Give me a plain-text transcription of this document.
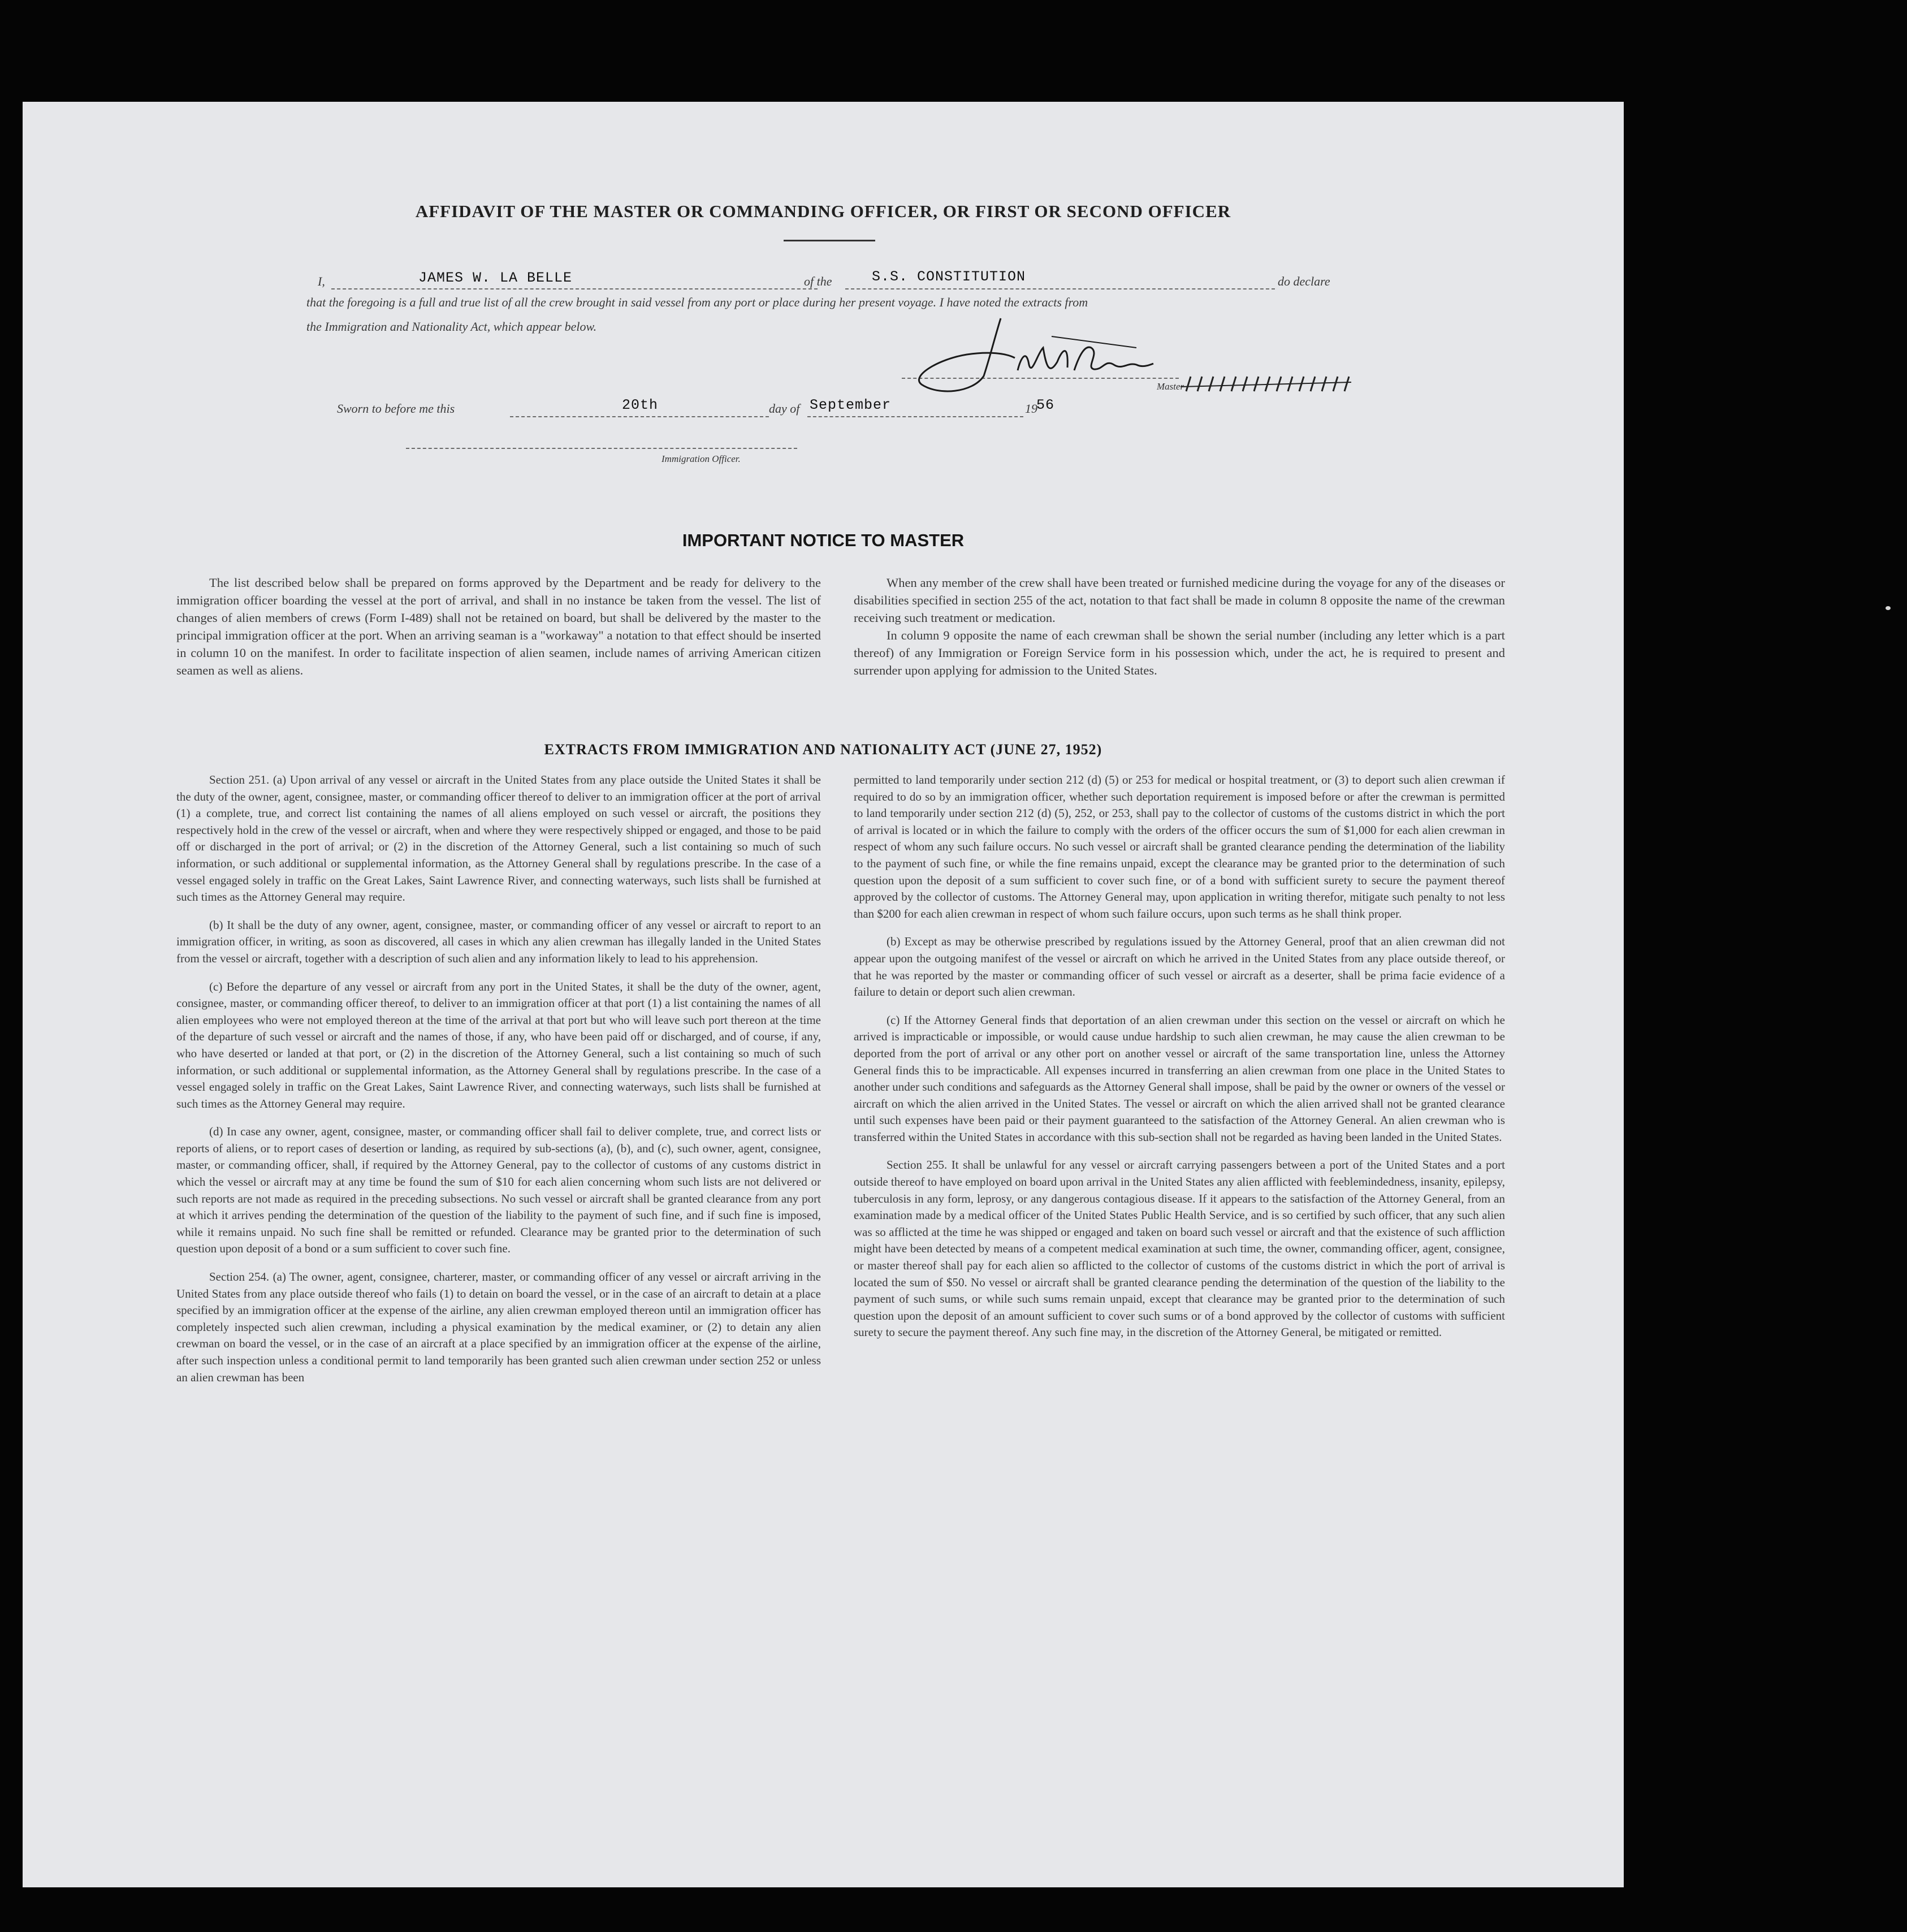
AFFIDAVIT OF THE MASTER OR COMMANDING OFFICER, OR FIRST OR SECOND OFFICER
I,	JAMES W. LA BELLE	of the	S.S. CONSTITUTION	do declare
that the foregoing is a full and true list of all the crew brought in said vessel from any port or place during her present voyage. I have noted the extracts from
the Immigration and Nationality Act, which appear below.
Master
Sworn to before me this	20th	day of September	19
56
Immigration Officer.
IMPORTANT NOTICE TO MASTER

The list described below shall be prepared on forms approved by the Department and be ready for delivery to the immigration officer boarding the vessel at the port of arrival, and shall in no instance be taken from the vessel. The list of changes of alien members of crews (Form I-489) shall not be retained on board, but shall be delivered by the master to the principal immigration officer at the port. When an arriving seaman is a "workaway" a notation to that effect should be inserted in column 10 on the manifest. In order to facilitate inspection of alien seamen, include names of arriving American citizen seamen as well as aliens.

When any member of the crew shall have been treated or furnished medicine during the voyage for any of the diseases or disabilities specified in section 255 of the act, notation to that fact shall be made in column 8 opposite the name of the crewman receiving such treatment or medication.

In column 9 opposite the name of each crewman shall be shown the serial number (including any letter which is a part thereof) of any Immigration or Foreign Service form in his possession which, under the act, he is required to present and surrender upon applying for admission to the United States.

EXTRACTS FROM IMMIGRATION AND NATIONALITY ACT (JUNE 27, 1952)

Section 251. (a) Upon arrival of any vessel or aircraft in the United States from any place outside the United States it shall be the duty of the owner, agent, consignee, master, or commanding officer thereof to deliver to an immigration officer at the port of arrival (1) a complete, true, and correct list containing the names of all aliens employed on such vessel or aircraft, the positions they respectively hold in the crew of the vessel or aircraft, when and where they were respectively shipped or engaged, and those to be paid off or discharged in the port of arrival; or (2) in the discretion of the Attorney General, such a list containing so much of such information, or such additional or supplemental information, as the Attorney General shall by regulations prescribe. In the case of a vessel engaged solely in traffic on the Great Lakes, Saint Lawrence River, and connecting waterways, such lists shall be furnished at such times as the Attorney General may require.

(b) It shall be the duty of any owner, agent, consignee, master, or commanding officer of any vessel or aircraft to report to an immigration officer, in writing, as soon as discovered, all cases in which any alien crewman has illegally landed in the United States from the vessel or aircraft, together with a description of such alien and any information likely to lead to his apprehension.

(c) Before the departure of any vessel or aircraft from any port in the United States, it shall be the duty of the owner, agent, consignee, master, or commanding officer thereof, to deliver to an immigration officer at that port (1) a list containing the names of all alien employees who were not employed thereon at the time of the arrival at that port but who will leave such port thereon at the time of the departure of such vessel or aircraft and the names of those, if any, who have been paid off or discharged, and of course, if any, who have deserted or landed at that port, or (2) in the discretion of the Attorney General, such a list containing so much of such information, or such additional or supplemental information, as the Attorney General shall by regulations prescribe. In the case of a vessel engaged solely in traffic on the Great Lakes, Saint Lawrence River, and connecting waterways, such lists shall be furnished at such times as the Attorney General may require.

(d) In case any owner, agent, consignee, master, or commanding officer shall fail to deliver complete, true, and correct lists or reports of aliens, or to report cases of desertion or landing, as required by sub-sections (a), (b), and (c), such owner, agent, consignee, master, or commanding officer, shall, if required by the Attorney General, pay to the collector of customs of any customs district in which the vessel or aircraft may at any time be found the sum of $10 for each alien concerning whom such lists are not delivered or such reports are not made as required in the preceding subsections. No such vessel or aircraft shall be granted clearance from any port at which it arrives pending the determination of the question of the liability to the payment of such fine, and if such fine is imposed, while it remains unpaid. No such fine shall be remitted or refunded. Clearance may be granted prior to the determination of such question upon deposit of a bond or a sum sufficient to cover such fine.

Section 254. (a) The owner, agent, consignee, charterer, master, or commanding officer of any vessel or aircraft arriving in the United States from any place outside thereof who fails (1) to detain on board the vessel, or in the case of an aircraft to detain at a place specified by an immigration officer at the expense of the airline, any alien crewman employed thereon until an immigration officer has completely inspected such alien crewman, including a physical examination by the medical examiner, or (2) to detain any alien crewman on board the vessel, or in the case of an aircraft at a place specified by an immigration officer at the expense of the airline, after such inspection unless a conditional permit to land temporarily has been granted such alien crewman under section 252 or unless an alien crewman has been

permitted to land temporarily under section 212 (d) (5) or 253 for medical or hospital treatment, or (3) to deport such alien crewman if required to do so by an immigration officer, whether such deportation requirement is imposed before or after the crewman is permitted to land temporarily under section 212 (d) (5), 252, or 253, shall pay to the collector of customs of the customs district in which the port of arrival is located or in which the failure to comply with the orders of the officer occurs the sum of $1,000 for each alien crewman in respect of whom any such failure occurs. No such vessel or aircraft shall be granted clearance pending the determination of the liability to the payment of such fine, or while the fine remains unpaid, except the clearance may be granted prior to the determination of such question upon the deposit of a sum sufficient to cover such fine, or of a bond with sufficient surety to secure the payment thereof approved by the collector of customs. The Attorney General may, upon application in writing therefor, mitigate such penalty to not less than $200 for each alien crewman in respect of whom such failure occurs, upon such terms as he shall think proper.

(b) Except as may be otherwise prescribed by regulations issued by the Attorney General, proof that an alien crewman did not appear upon the outgoing manifest of the vessel or aircraft on which he arrived in the United States from any place outside thereof, or that he was reported by the master or commanding officer of such vessel or aircraft as a deserter, shall be prima facie evidence of a failure to detain or deport such alien crewman.

(c) If the Attorney General finds that deportation of an alien crewman under this section on the vessel or aircraft on which he arrived is impracticable or impossible, or would cause undue hardship to such alien crewman, he may cause the alien crewman to be deported from the port of arrival or any other port on another vessel or aircraft of the same transportation line, unless the Attorney General finds this to be impracticable. All expenses incurred in transferring an alien crewman from one place in the United States to another under such conditions and safeguards as the Attorney General shall impose, shall be paid by the owner or owners of the vessel or aircraft on which the alien arrived in the United States. The vessel or aircraft on which the alien arrived shall not be granted clearance until such expenses have been paid or their payment guaranteed to the satisfaction of the Attorney General. An alien crewman who is transferred within the United States in accordance with this sub-section shall not be regarded as having been landed in the United States.

Section 255. It shall be unlawful for any vessel or aircraft carrying passengers between a port of the United States and a port outside thereof to have employed on board upon arrival in the United States any alien afflicted with feeblemindedness, insanity, epilepsy, tuberculosis in any form, leprosy, or any dangerous contagious disease. If it appears to the satisfaction of the Attorney General, from an examination made by a medical officer of the United States Public Health Service, and is so certified by such officer, that any such alien was so afflicted at the time he was shipped or engaged and taken on board such vessel or aircraft and that the existence of such affliction might have been detected by means of a competent medical examination at such time, the owner, commanding officer, agent, consignee, or master thereof shall pay for each alien so afflicted to the collector of customs of the customs district in which the port of arrival is located the sum of $50. No vessel or aircraft shall be granted clearance pending the determination of the question of the liability to the payment of such sums, or while such sums remain unpaid, except that clearance may be granted prior to the determination of such question upon the deposit of an amount sufficient to cover such sums or of a bond approved by the collector of customs with sufficient surety to secure the payment thereof. Any such fine may, in the discretion of the Attorney General, be mitigated or remitted.
